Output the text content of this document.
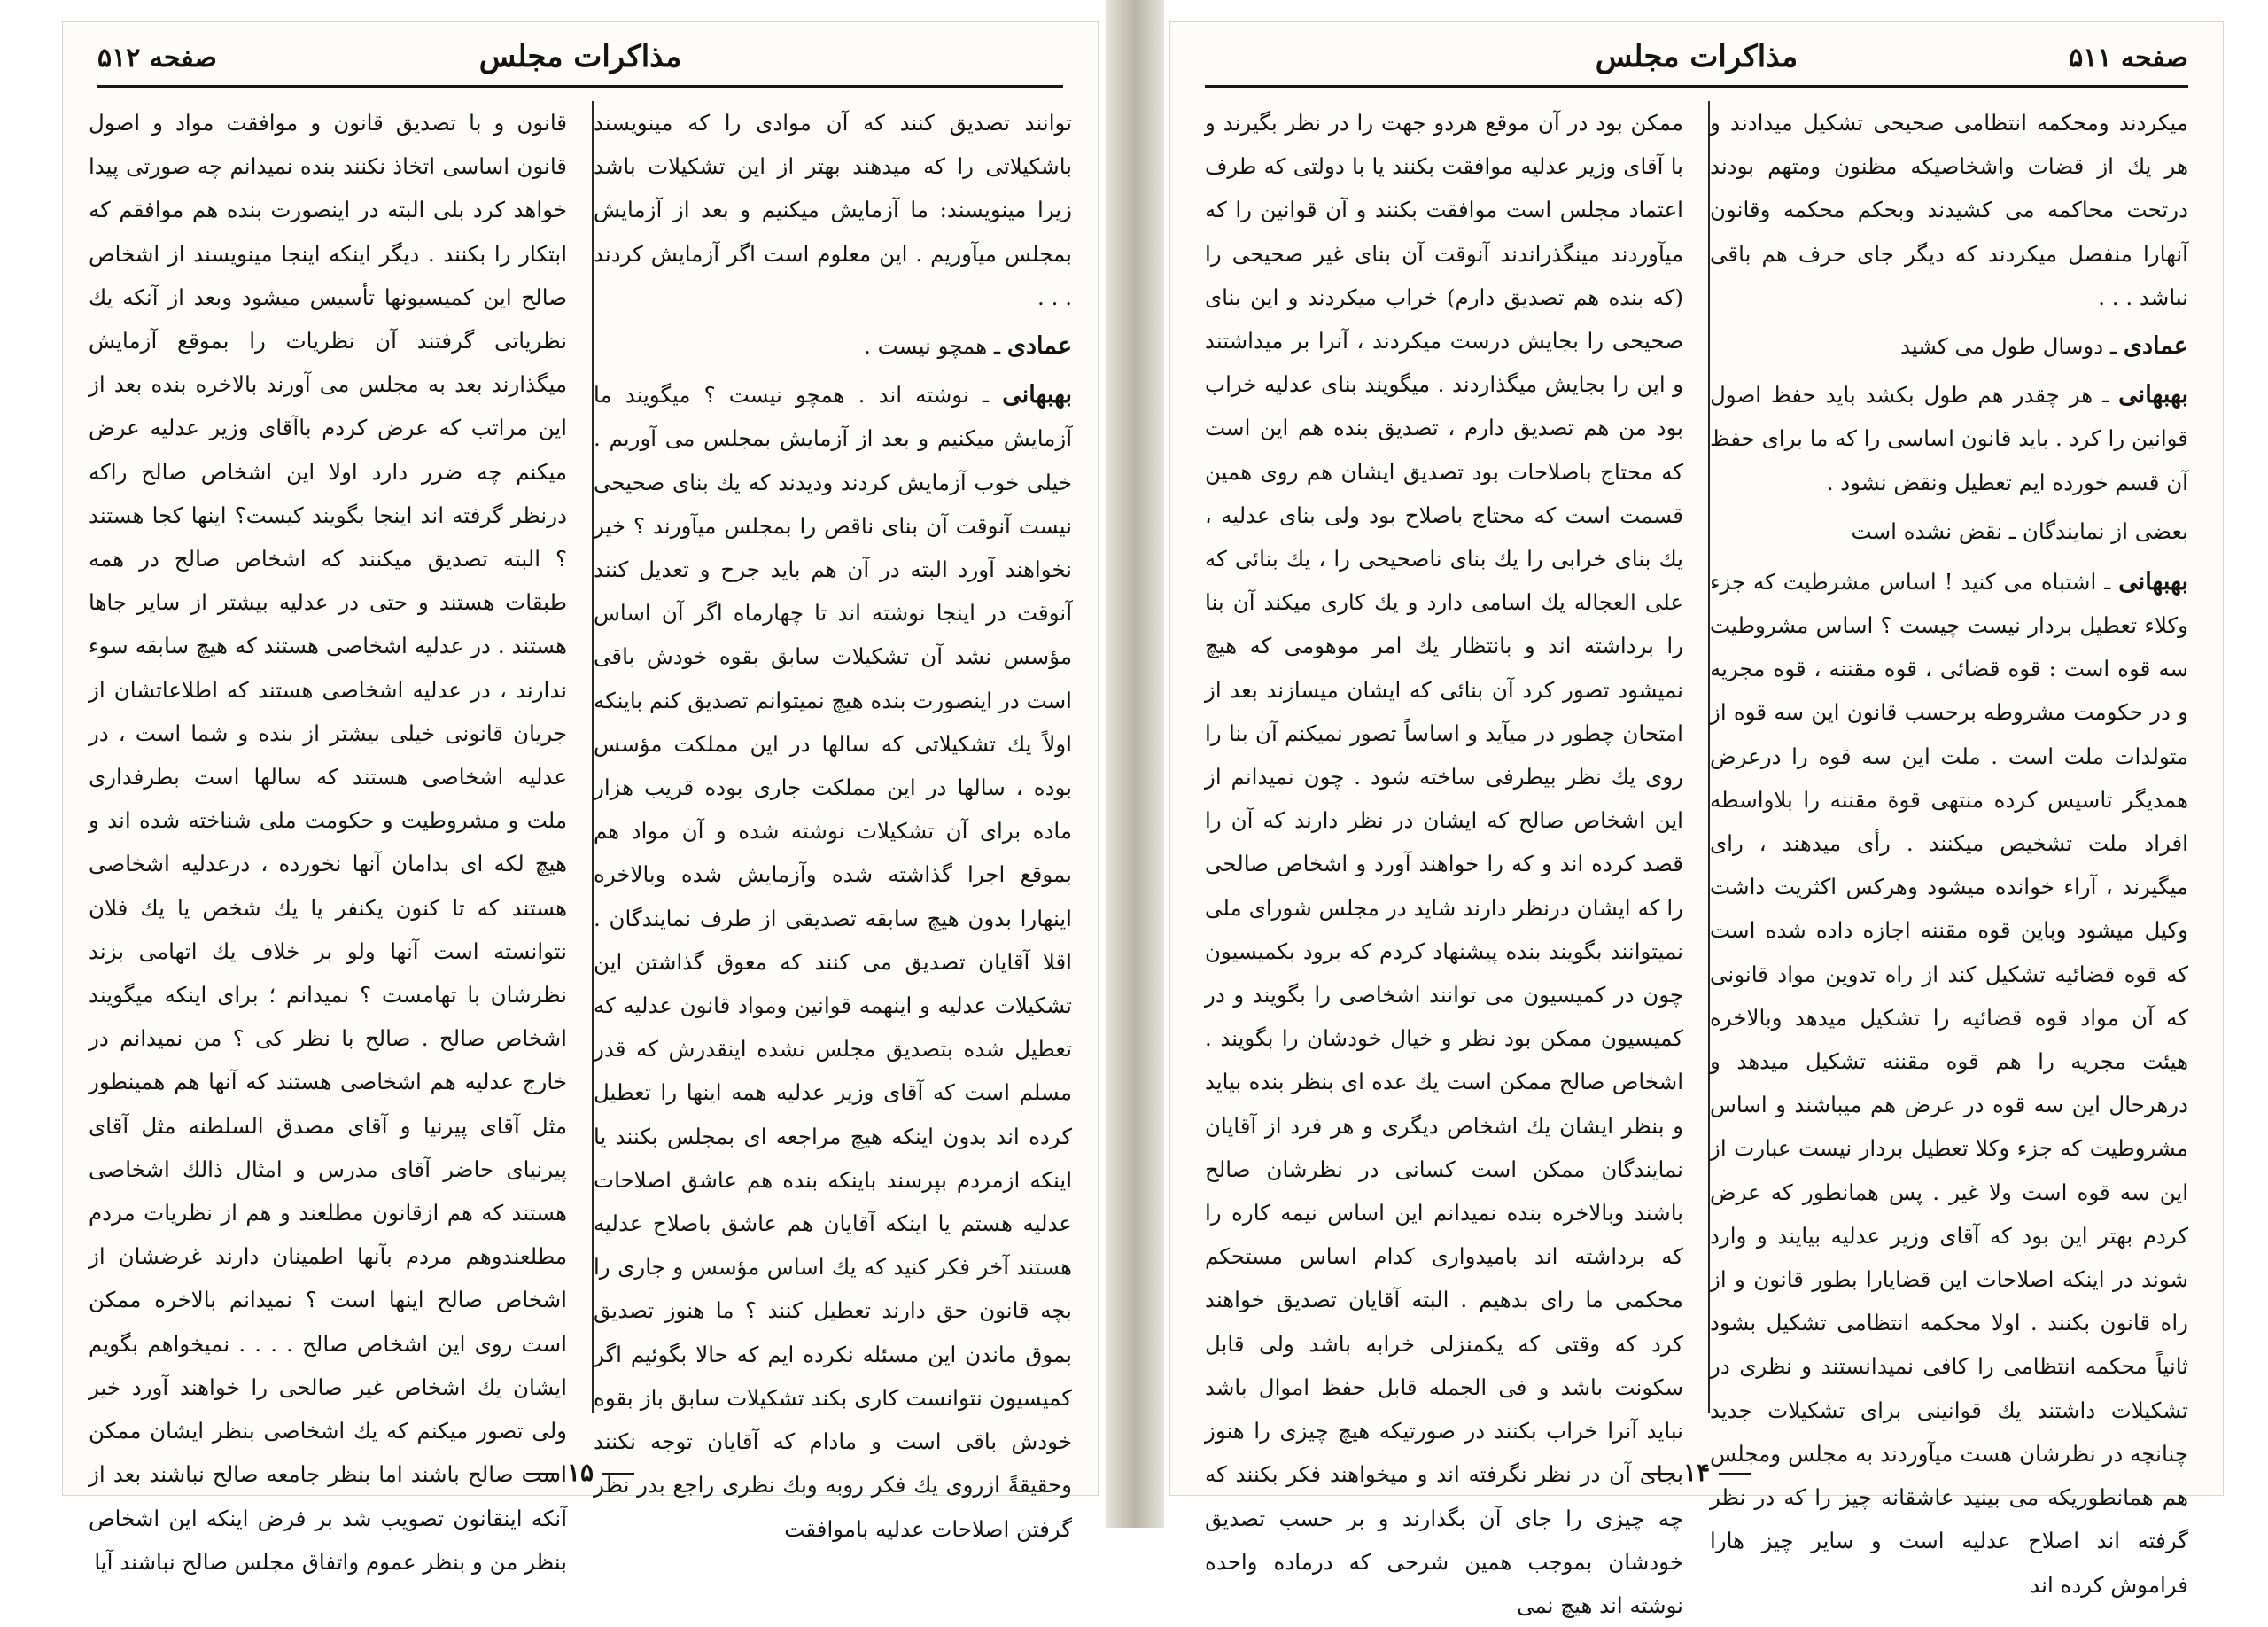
صفحه ۵۱۲	مذاکرات مجلس

توانند تصدیق کنند که آن موادی را که مینویسند باشکیلاتی را که میدهند بهتر از این تشکیلات باشد زیرا مینویسند: ما آزمایش میکنیم و بعد از آزمایش بمجلس میآوریم . این معلوم است اگر آزمایش کردند . . .

عمادی ـ همچو نیست .

بهبهانی ـ نوشته اند . همچو نیست ؟ میگویند ما آزمایش میکنیم و بعد از آزمایش بمجلس می آوریم . خیلی خوب آزمایش کردند ودیدند که یك بنای صحیحی نیست آنوقت آن بنای ناقص را بمجلس میآورند ؟ خیر نخواهند آورد البته در آن هم باید جرح و تعدیل کنند آنوقت در اینجا نوشته اند تا چهارماه اگر آن اساس مؤسس نشد آن تشکیلات سابق بقوه خودش باقی است در اینصورت بنده هیچ نمیتوانم تصدیق کنم باینکه اولاً یك تشکیلاتی که سالها در این مملکت مؤسس بوده ، سالها در این مملکت جاری بوده قریب هزار ماده برای آن تشکیلات نوشته شده و آن مواد هم بموقع اجرا گذاشته شده وآزمایش شده وبالاخره اینهارا بدون هیچ سابقه تصدیقی از طرف نمایندگان . اقلا آقایان تصدیق می کنند که معوق گذاشتن این تشکیلات عدلیه و اینهمه قوانین ومواد قانون عدلیه که تعطیل شده بتصدیق مجلس نشده اینقدرش که قدر مسلم است که آقای وزیر عدلیه همه اینها را تعطیل کرده اند بدون اینکه هیچ مراجعه ای بمجلس بکنند یا اینکه ازمردم بپرسند باینکه بنده هم عاشق اصلاحات عدلیه هستم یا اینکه آقایان هم عاشق باصلاح عدلیه هستند آخر فکر کنید که یك اساس مؤسس و جاری را بچه قانون حق دارند تعطیل کنند ؟ ما هنوز تصدیق بموق ماندن این مسئله نکرده ایم که حالا بگوئیم اگر کمیسیون نتوانست کاری بکند تشکیلات سابق باز بقوه خودش باقی است و مادام که آقایان توجه نکنند وحقیقةً ازروی یك فکر روبه وبك نظری راجع بدر نظر گرفتن اصلاحات عدلیه باموافقت

قانون و با تصدیق قانون و موافقت مواد و اصول قانون اساسی اتخاذ نکنند بنده نمیدانم چه صورتی پیدا خواهد کرد بلی البته در اینصورت بنده هم موافقم که ابتکار را بکنند . دیگر اینکه اینجا مینویسند از اشخاص صالح این کمیسیونها تأسیس میشود وبعد از آنکه یك نظریاتی گرفتند آن نظریات را بموقع آزمایش میگذارند بعد به مجلس می آورند بالاخره بنده بعد از این مراتب که عرض کردم باآقای وزیر عدلیه عرض میکنم چه ضرر دارد اولا این اشخاص صالح راکه درنظر گرفته اند اینجا بگویند کیست؟ اینها کجا هستند ؟ البته تصدیق میکنند که اشخاص صالح در همه طبقات هستند و حتی در عدلیه بیشتر از سایر جاها هستند . در عدلیه اشخاصی هستند که هیچ سابقه سوء ندارند ، در عدلیه اشخاصی هستند که اطلاعاتشان از جریان قانونی خیلی بیشتر از بنده و شما است ، در عدلیه اشخاصی هستند که سالها است بطرفداری ملت و مشروطیت و حکومت ملی شناخته شده اند و هیچ لکه ای بدامان آنها نخورده ، درعدلیه اشخاصی هستند که تا کنون یکنفر یا یك شخص یا یك فلان نتوانسته است آنها ولو بر خلاف یك اتهامی بزند نظرشان با تهامست ؟ نمیدانم ؛ برای اینکه میگویند اشخاص صالح . صالح با نظر کی ؟ من نمیدانم در خارج عدلیه هم اشخاصی هستند که آنها هم همینطور مثل آقای پیرنیا و آقای مصدق السلطنه مثل آقای پیرنیای حاضر آقای مدرس و امثال ذالك اشخاصی هستند که هم ازقانون مطلعند و هم از نظریات مردم مطلعندوهم مردم بآنها اطمینان دارند غرضشان از اشخاص صالح اینها است ؟ نمیدانم بالاخره ممکن است روی این اشخاص صالح . . . . نمیخواهم بگویم ایشان یك اشخاص غیر صالحی را خواهند آورد خیر ولی تصور میکنم که یك اشخاصی بنظر ایشان ممکن است صالح باشند اما بنظر جامعه صالح نباشند بعد از آنکه اینقانون تصویب شد بر فرض اینکه این اشخاص بنظر من و بنظر عموم واتفاق مجلس صالح نباشند آیا

۱۵
مذاکرات مجلس	صفحه ۵۱۱

میکردند ومحکمه انتظامی صحیحی تشکیل میدادند و هر یك از قضات واشخاصیکه مظنون ومتهم بودند درتحت محاکمه می کشیدند وبحکم محکمه وقانون آنهارا منفصل میکردند که دیگر جای حرف هم باقی نباشد . . .

عمادی ـ دوسال طول می کشید

بهبهانی ـ هر چقدر هم طول بکشد باید حفظ اصول قوانین را کرد . باید قانون اساسی را که ما برای حفظ آن قسم خورده ایم تعطیل ونقض نشود .

بعضی از نمایندگان ـ نقض نشده است

بهبهانی ـ اشتباه می کنید ! اساس مشرطیت که جزء وکلاء تعطیل بردار نیست چیست ؟ اساس مشروطیت سه قوه است : قوه قضائی ، قوه مقننه ، قوه مجریه و در حکومت مشروطه برحسب قانون این سه قوه از متولدات ملت است . ملت این سه قوه را درعرض همدیگر تاسیس کرده منتهی قوة مقننه را بلاواسطه افراد ملت تشخیص میکنند . رأی میدهند ، رای میگیرند ، آراء خوانده میشود وهرکس اکثریت داشت وکیل میشود وباین قوه مقننه اجازه داده شده است که قوه قضائیه تشکیل کند از راه تدوین مواد قانونی که آن مواد قوه قضائیه را تشکیل میدهد وبالاخره هیئت مجریه را هم قوه مقننه تشکیل میدهد و درهرحال این سه قوه در عرض هم میباشند و اساس مشروطیت که جزء وکلا تعطیل بردار نیست عبارت از این سه قوه است ولا غیر . پس همانطور که عرض کردم بهتر این بود که آقای وزیر عدلیه بیایند و وارد شوند در اینکه اصلاحات این قضایارا بطور قانون و از راه قانون بکنند . اولا محکمه انتظامی تشکیل بشود ثانیاً محکمه انتظامی را کافی نمیدانستند و نظری در تشکیلات داشتند یك قوانینی برای تشکیلات جدید چنانچه در نظرشان هست میآوردند به مجلس ومجلس هم همانطوریکه می بینید عاشقانه چیز را که در نظر گرفته اند اصلاح عدلیه است و سایر چیز هارا فراموش کرده اند

ممکن بود در آن موقع هردو جهت را در نظر بگیرند و با آقای وزیر عدلیه موافقت بکنند یا با دولتی که طرف اعتماد مجلس است موافقت بکنند و آن قوانین را که میآوردند مینگذراندند آنوقت آن بنای غیر صحیحی را (که بنده هم تصدیق دارم) خراب میکردند و این بنای صحیحی را بجایش درست میکردند ، آنرا بر میداشتند و این را بجایش میگذاردند . میگویند بنای عدلیه خراب بود من هم تصدیق دارم ، تصدیق بنده هم این است که محتاج باصلاحات بود تصدیق ایشان هم روی همین قسمت است که محتاج باصلاح بود ولی بنای عدلیه ، یك بنای خرابی را یك بنای ناصحیحی را ، یك بنائی که علی العجاله یك اسامی دارد و یك کاری میکند آن بنا را برداشته اند و بانتظار یك امر موهومی که هیچ نمیشود تصور کرد آن بنائی که ایشان میسازند بعد از امتحان چطور در میآید و اساساً تصور نمیکنم آن بنا را روی یك نظر بیطرفی ساخته شود . چون نمیدانم از این اشخاص صالح که ایشان در نظر دارند که آن را قصد کرده اند و که را خواهند آورد و اشخاص صالحی را که ایشان درنظر دارند شاید در مجلس شورای ملی نمیتوانند بگویند بنده پیشنهاد کردم که برود بکمیسیون چون در کمیسیون می توانند اشخاصی را بگویند و در کمیسیون ممکن بود نظر و خیال خودشان را بگویند . اشخاص صالح ممکن است یك عده ای بنظر بنده بیاید و بنظر ایشان یك اشخاص دیگری و هر فرد از آقایان نمایندگان ممکن است کسانی در نظرشان صالح باشند وبالاخره بنده نمیدانم این اساس نیمه کاره را که برداشته اند بامیدواری کدام اساس مستحکم محکمی ما رای بدهیم . البته آقایان تصدیق خواهند کرد که وقتی که یکمنزلی خرابه باشد ولی قابل سکونت باشد و فی الجمله قابل حفظ اموال باشد نباید آنرا خراب بکنند در صورتیکه هیچ چیزی را هنوز بجای آن در نظر نگرفته اند و میخواهند فکر بکنند که چه چیزی را جای آن بگذارند و بر حسب تصدیق خودشان بموجب همین شرحی که درماده واحده نوشته اند هیچ نمی

۱۴
